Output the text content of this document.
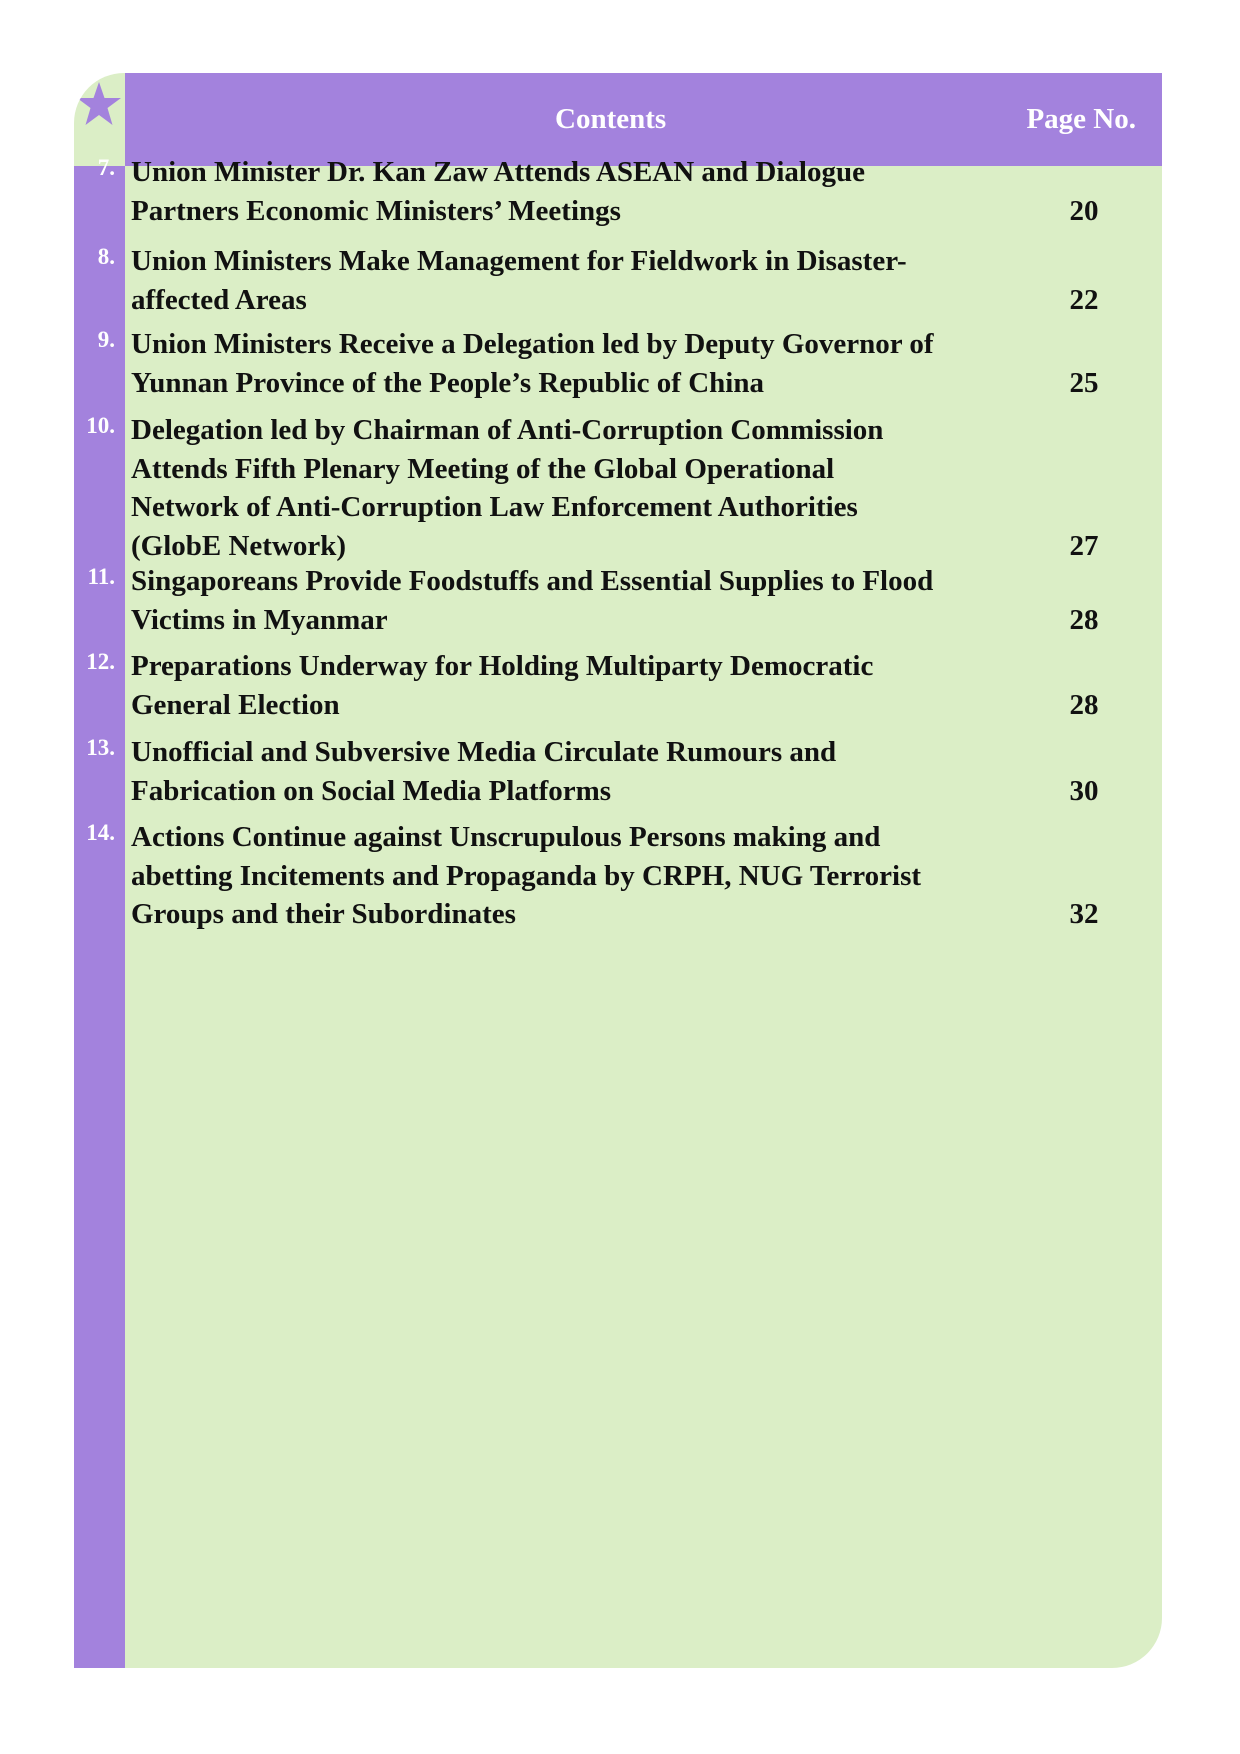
Contents	Page No.
7. Union Minister Dr. Kan Zaw Attends ASEAN and Dialogue
Partners Economic Ministers’ Meetings	20
8. Union Ministers Make Management for Fieldwork in Disaster-
affected Areas	22
9. Union Ministers Receive a Delegation led by Deputy Governor of
Yunnan Province of the People’s Republic of China	25
10. Delegation led by Chairman of Anti-Corruption Commission
Attends Fifth Plenary Meeting of the Global Operational
Network of Anti-Corruption Law Enforcement Authorities
(GlobE Network)	27
11. Singaporeans Provide Foodstuffs and Essential Supplies to Flood
Victims in Myanmar	28
12. Preparations Underway for Holding Multiparty Democratic
General Election	28
13. Unofficial and Subversive Media Circulate Rumours and
Fabrication on Social Media Platforms	30
14. Actions Continue against Unscrupulous Persons making and
abetting Incitements and Propaganda by CRPH, NUG Terrorist
Groups and their Subordinates	32
